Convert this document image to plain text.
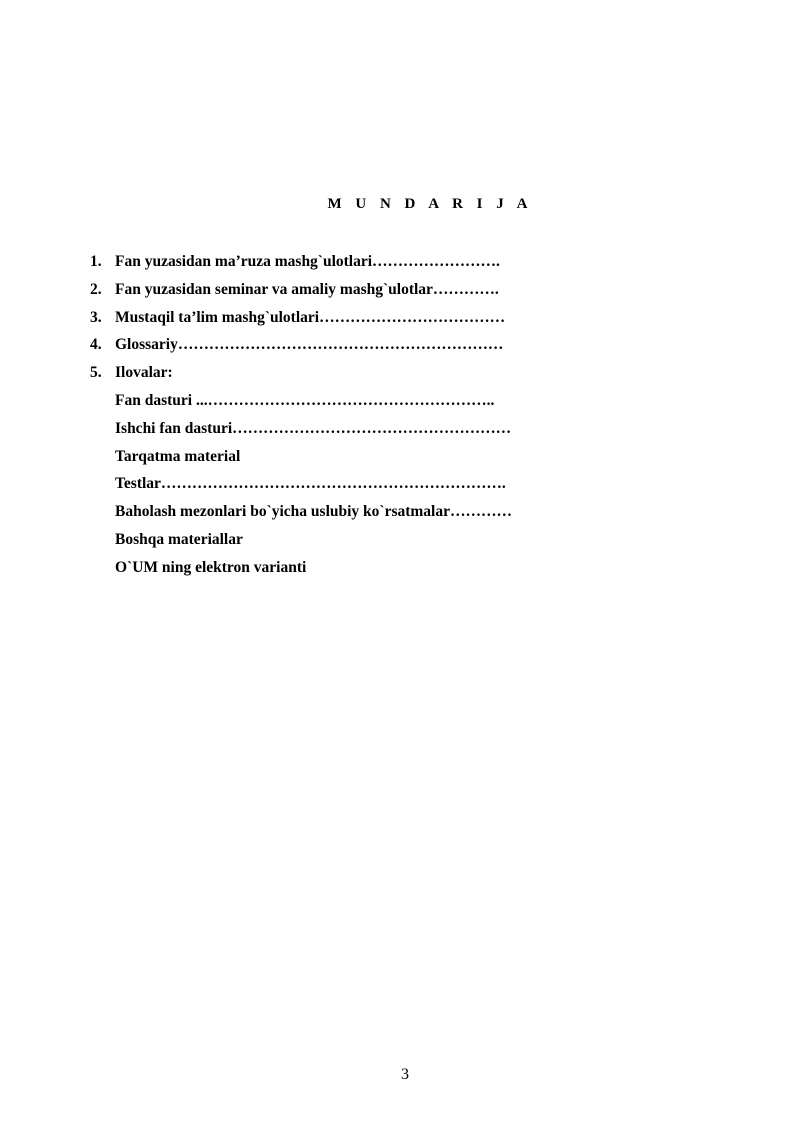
M U N D A R I J A
1. Fan yuzasidan ma’ruza mashg`ulotlari…………………….
2. Fan yuzasidan seminar va amaliy mashg`ulotlar………….
3. Mustaqil ta’lim mashg`ulotlari………………………………
4. Glossariy………………………………………………………
5. Ilovalar:
Fan dasturi ...………………………………………………..
Ishchi fan dasturi………………………………………………
Tarqatma material
Testlar………………………………………………………….
Baholash mezonlari bo`yicha uslubiy ko`rsatmalar…………
Boshqa materiallar
O`UM ning elektron varianti
3
